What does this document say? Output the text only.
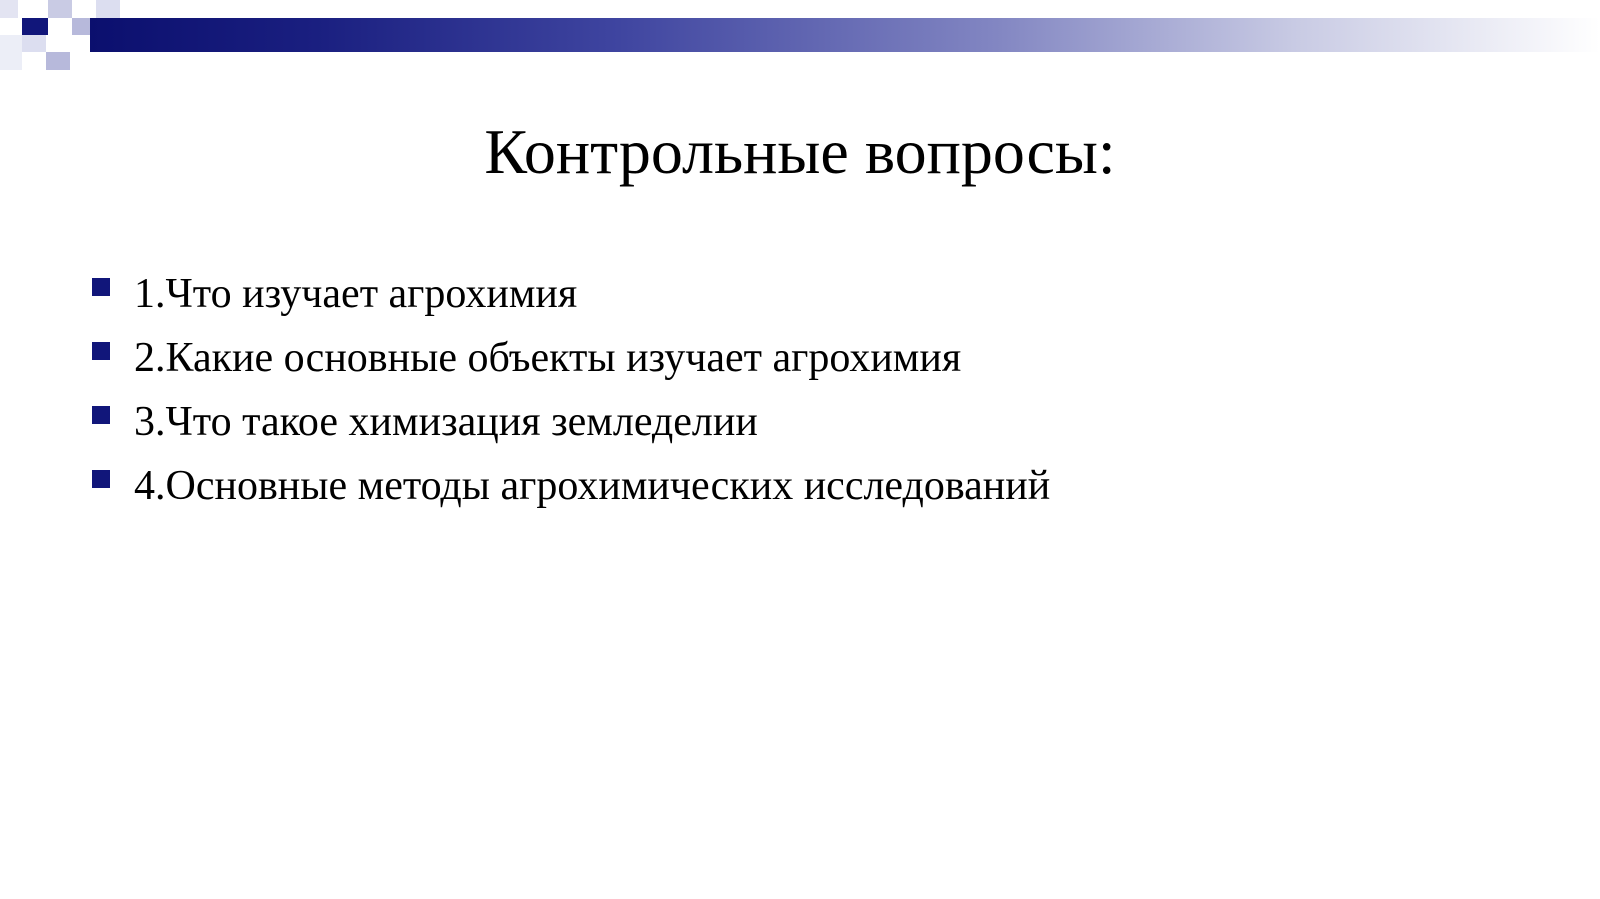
Контрольные вопросы:
1.Что изучает агрохимия
2.Какие основные объекты изучает агрохимия
3.Что такое химизация земледелии
4.Основные методы агрохимических исследований
